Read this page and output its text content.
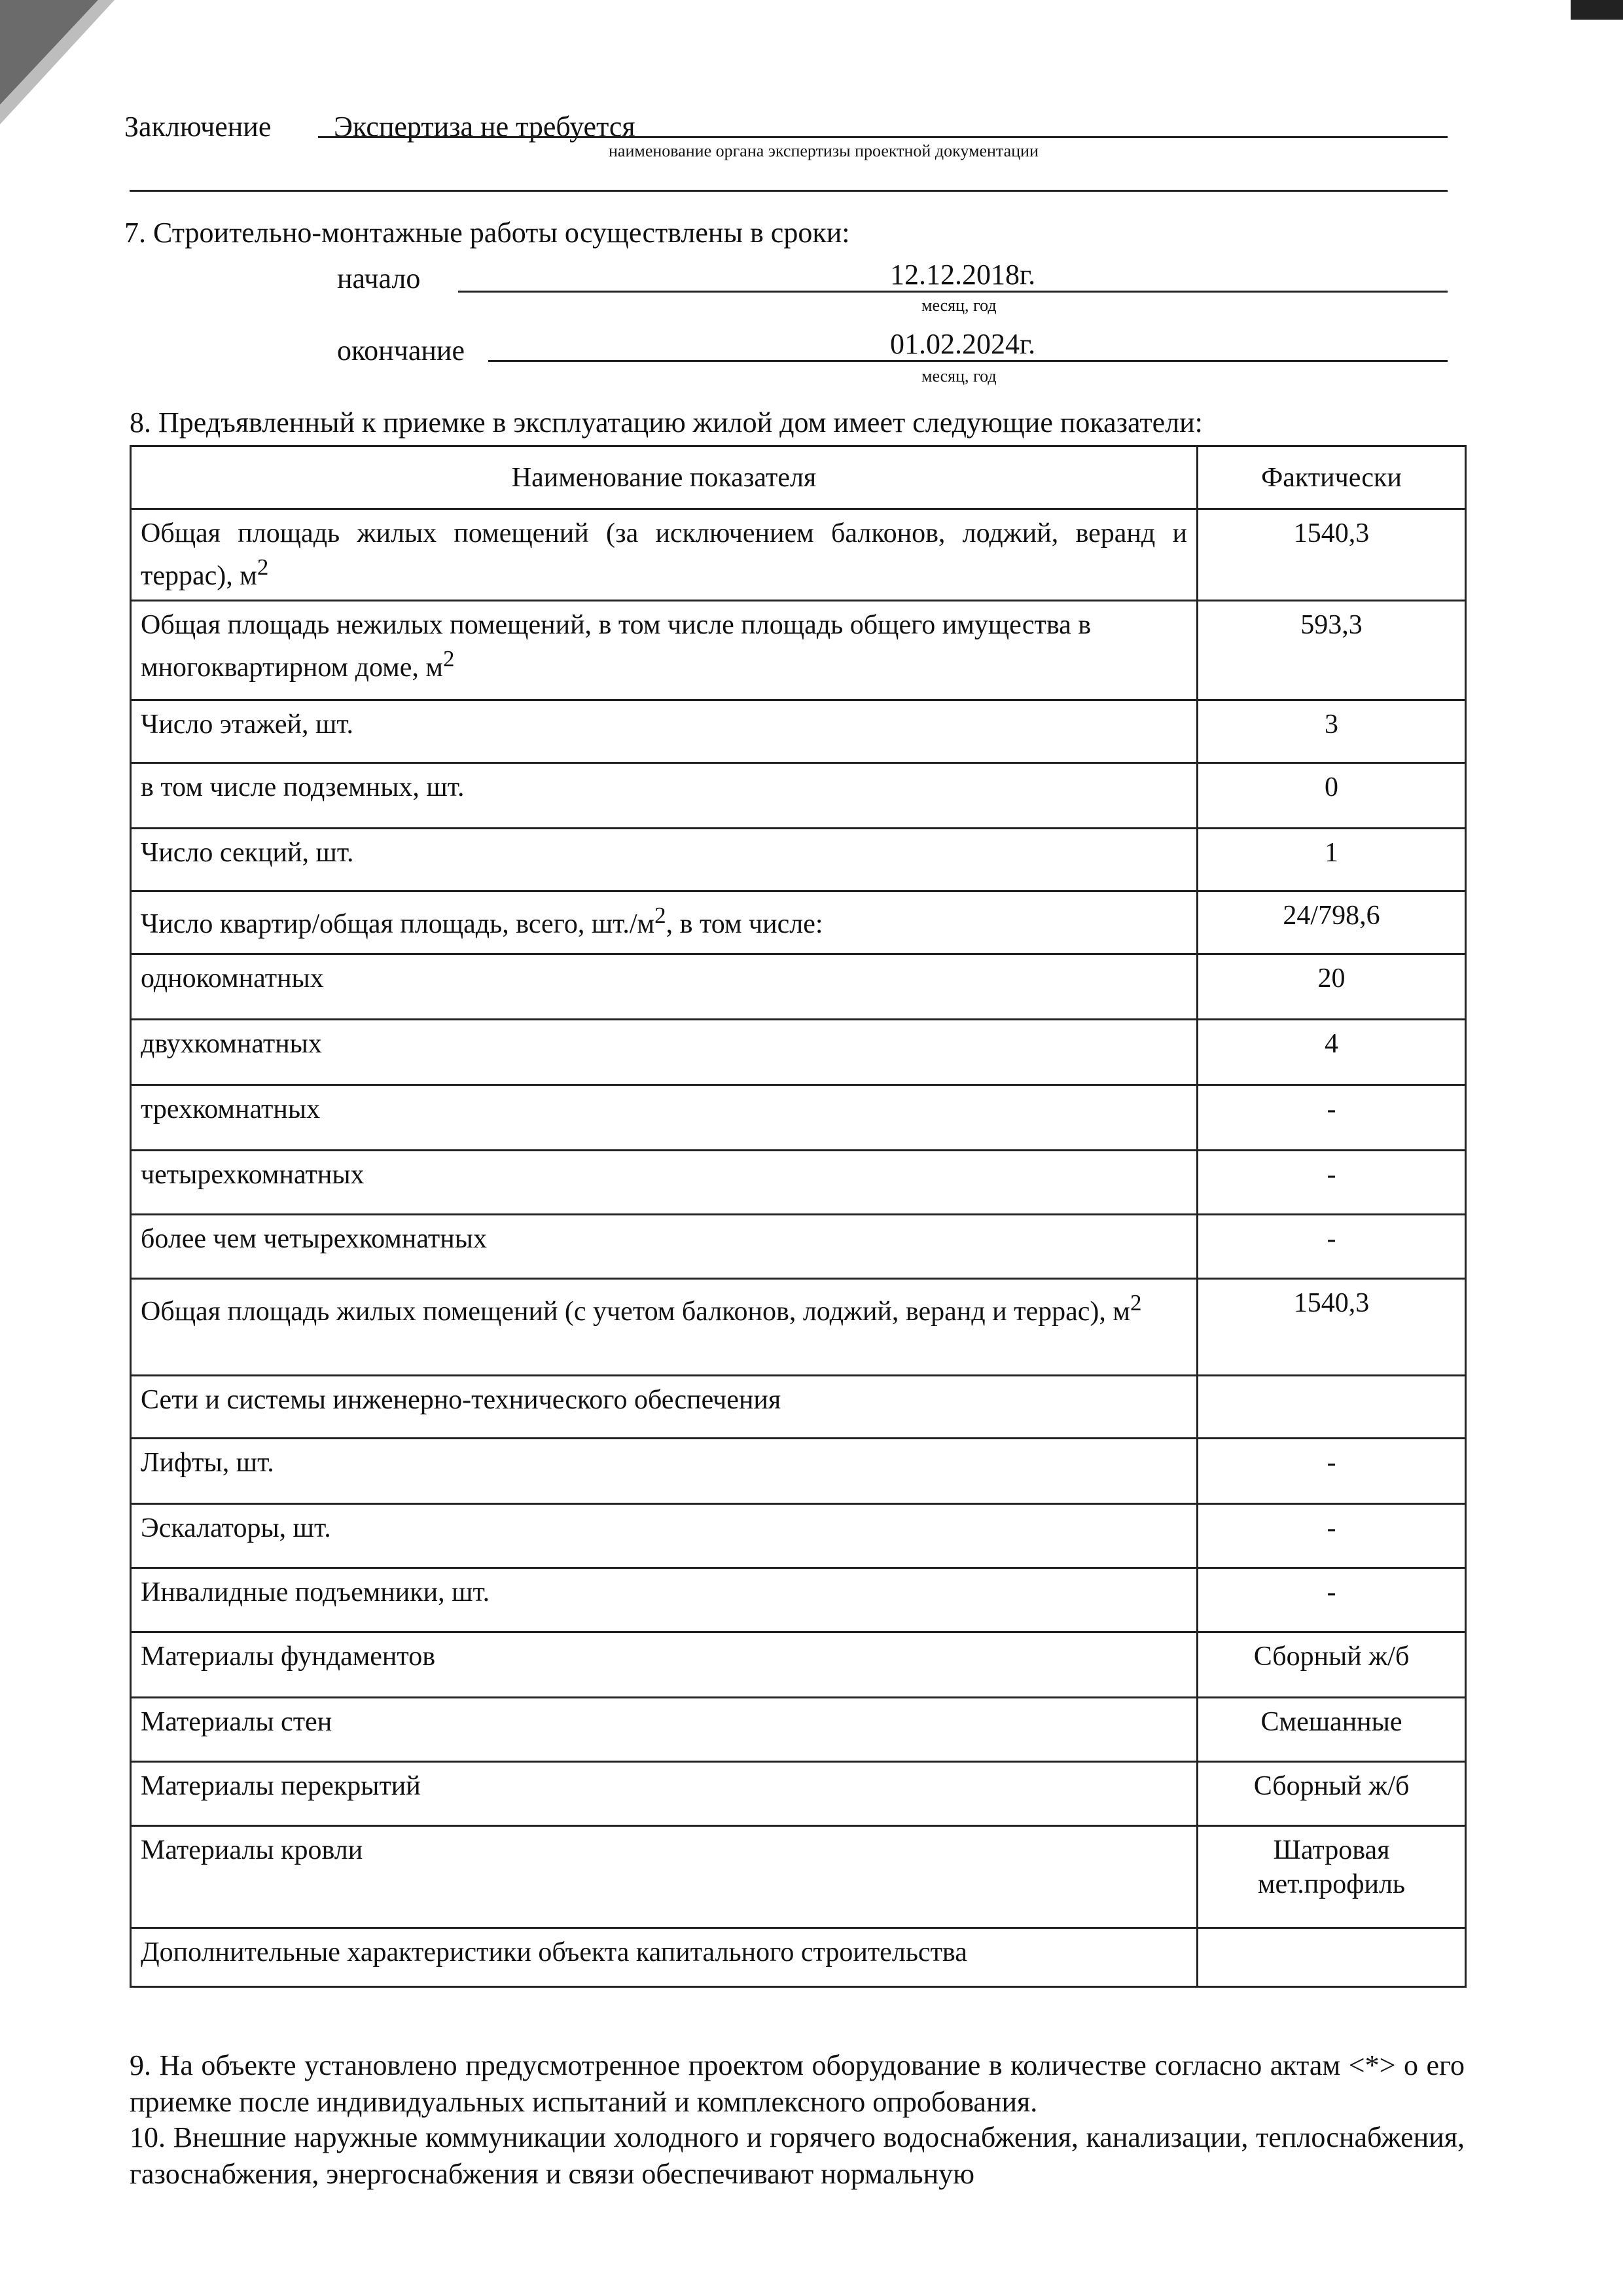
Заключение Экспертиза не требуется
наименование органа экспертизы проектной документации
7. Строительно-монтажные работы осуществлены в сроки:
начало	12.12.2018г.
месяц, год
окончание	01.02.2024г.
месяц, год
8. Предъявленный к приемке в эксплуатацию жилой дом имеет следующие показатели:
Наименование показателя	Фактически
Общая площадь жилых помещений (за исключением балконов, лоджий, веранд и террас), $м^2$	1540,3
Общая площадь нежилых помещений, в том числе площадь общего имущества в многоквартирном доме, $м^2$	593,3
Число этажей, шт.	3
в том числе подземных, шт.	0
Число секций, шт.	1
Число квартир/общая площадь, всего, $шт./м^2$, в том числе:	24/798,6
однокомнатных	20
двухкомнатных	4
трехкомнатных	-
четырехкомнатных	-
более чем четырехкомнатных	-
Общая площадь жилых помещений (с учетом балконов, лоджий, веранд и террас), $м^2$	1540,3
Сети и системы инженерно-технического обеспечения	
Лифты, шт.	-
Эскалаторы, шт.	-
Инвалидные подъемники, шт.	-
Материалы фундаментов	Сборный ж/б
Материалы стен	Смешанные
Материалы перекрытий	Сборный ж/б
Материалы кровли	Шатровая мет.профиль
Дополнительные характеристики объекта капитального строительства	
9. На объекте установлено предусмотренное проектом оборудование в количестве согласно актам <*> о его приемке после индивидуальных испытаний и комплексного опробования.
10. Внешние наружные коммуникации холодного и горячего водоснабжения, канализации, теплоснабжения, газоснабжения, энергоснабжения и связи обеспечивают нормальную
